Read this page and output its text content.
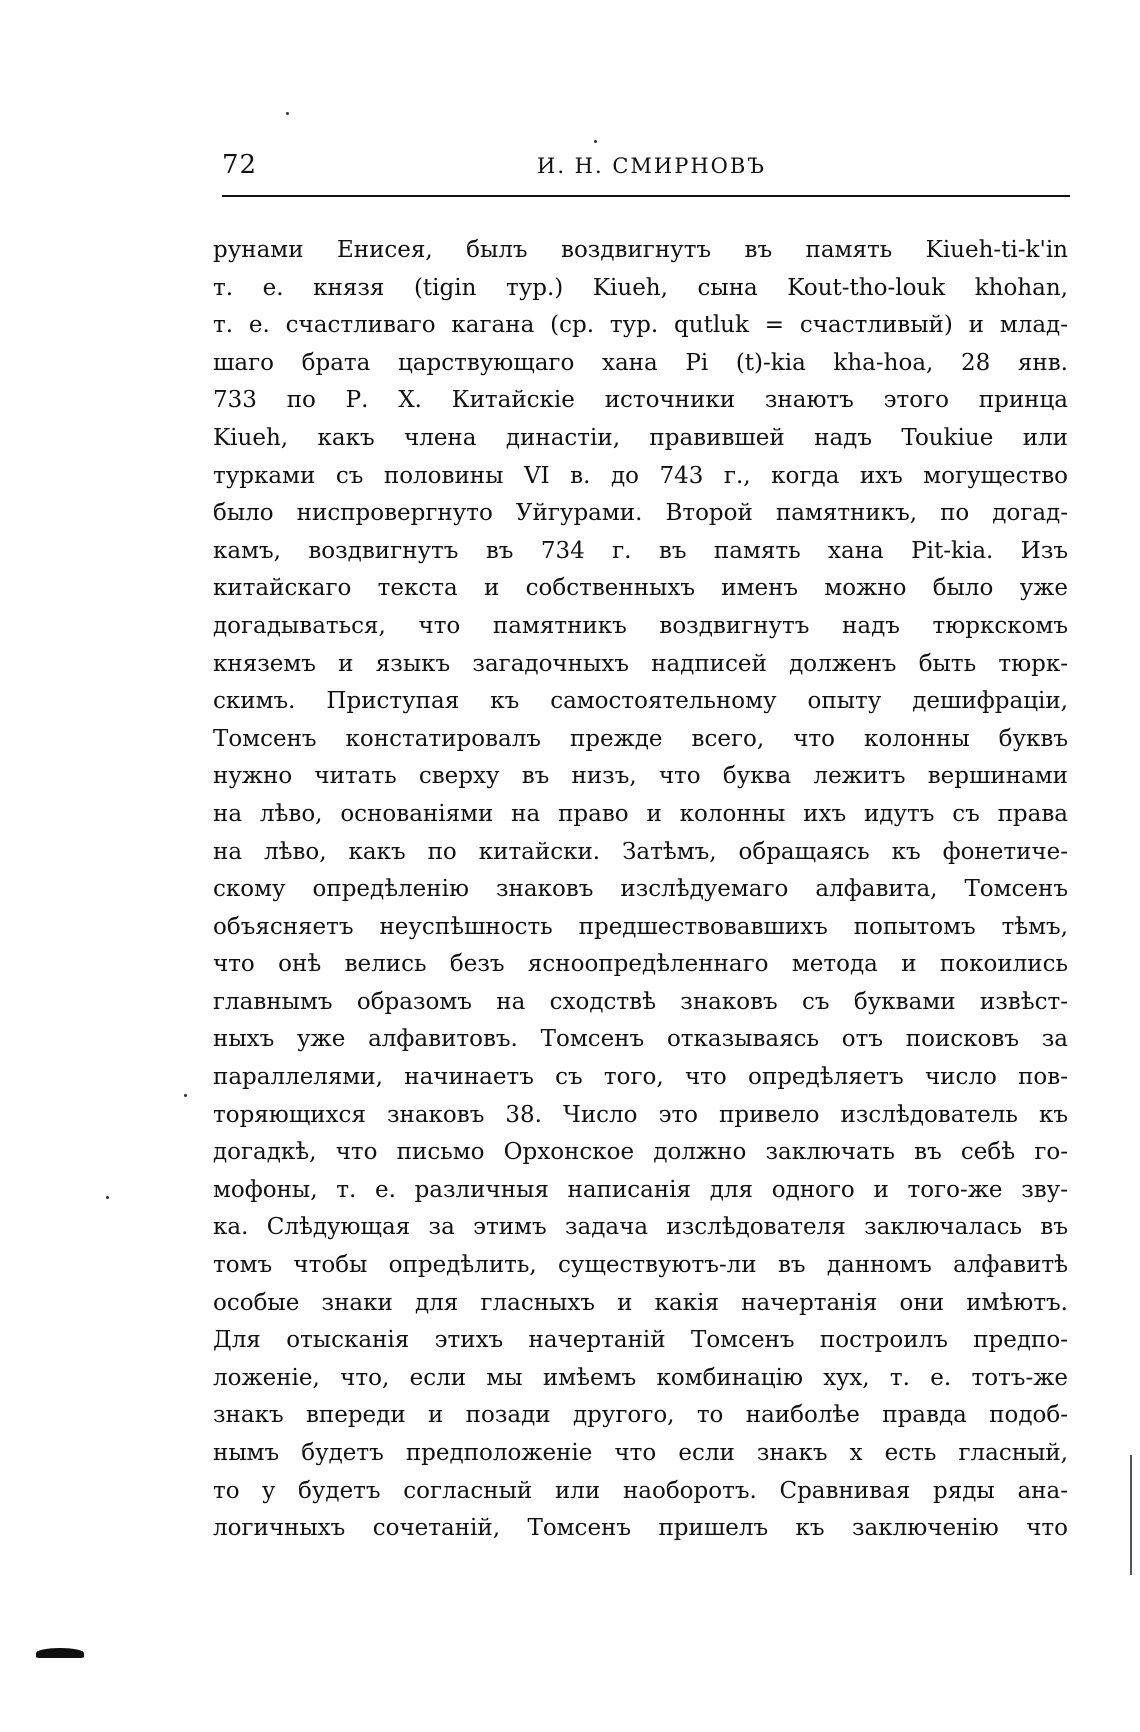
72	И. Н. СМИРНОВЪ
рунами Енисея, былъ воздвигнутъ въ память Kiueh-ti-k'in
т. е. князя (tigin тур.) Kiueh, сына Kout-tho-louk khohan,
т. е. счастливаго кагана (ср. тур. qutluk = счастливый) и млад-
шаго брата царствующаго хана Pi (t)-kia kha-hoa, 28 янв.
733 по Р. X. Китайскіе источники знаютъ этого принца
Kiueh, какъ члена династіи, правившей надъ Toukiue или
турками съ половины VI в. до 743 г., когда ихъ могущество
было ниспровергнуто Уйгурами. Второй памятникъ, по догад-
камъ, воздвигнутъ въ 734 г. въ память хана Pit-kia. Изъ
китайскаго текста и собственныхъ именъ можно было уже
догадываться, что памятникъ воздвигнутъ надъ тюркскомъ
княземъ и языкъ загадочныхъ надписей долженъ быть тюрк-
скимъ. Приступая къ самостоятельному опыту дешифраціи,
Томсенъ констатировалъ прежде всего, что колонны буквъ
нужно читать сверху въ низъ, что буква лежитъ вершинами
на лѣво, основаніями на право и колонны ихъ идутъ съ права
на лѣво, какъ по китайски. Затѣмъ, обращаясь къ фонетиче-
скому опредѣленію знаковъ изслѣдуемаго алфавита, Томсенъ
объясняетъ неуспѣшность предшествовавшихъ попытомъ тѣмъ,
что онѣ велись безъ ясноопредѣленнаго метода и покоились
главнымъ образомъ на сходствѣ знаковъ съ буквами извѣст-
ныхъ уже алфавитовъ. Томсенъ отказываясь отъ поисковъ за
параллелями, начинаетъ съ того, что опредѣляетъ число пов-
торяющихся знаковъ 38. Число это привело изслѣдователь къ
догадкѣ, что письмо Орхонское должно заключать въ себѣ го-
мофоны, т. е. различныя написанія для одного и того-же зву-
ка. Слѣдующая за этимъ задача изслѣдователя заключалась въ
томъ чтобы опредѣлить, существуютъ-ли въ данномъ алфавитѣ
особые знаки для гласныхъ и какія начертанія они имѣютъ.
Для отысканія этихъ начертаній Томсенъ построилъ предпо-
ложеніе, что, если мы имѣемъ комбинацію xyx, т. е. тотъ-же
знакъ впереди и позади другого, то наиболѣе правда подоб-
нымъ будетъ предположеніе что если знакъ x есть гласный,
то y будетъ согласный или наоборотъ. Сравнивая ряды ана-
логичныхъ сочетаній, Томсенъ пришелъ къ заключенію что
